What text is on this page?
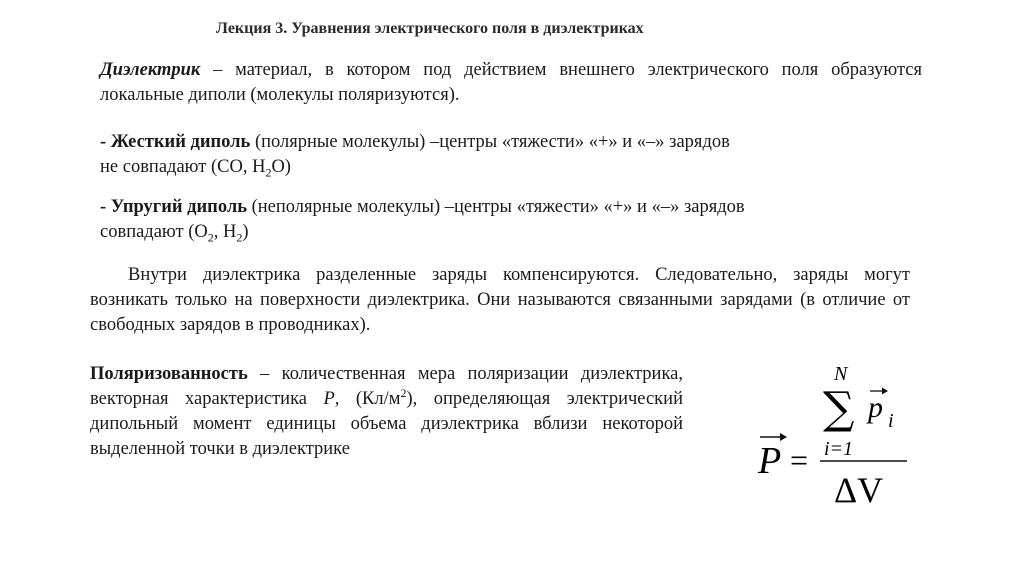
Лекция 3. Уравнения электрического поля в диэлектриках

Диэлектрик – материал, в котором под действием внешнего электрического поля образуются локальные диполи (молекулы поляризуются).

- Жесткий диполь (полярные молекулы) –центры «тяжести» «+» и «–» зарядов
не совпадают (CO, $H_2O$)

- Упругий диполь (неполярные молекулы) –центры «тяжести» «+» и «–» зарядов
совпадают ($O_2$, $H_2$)

Внутри диэлектрика разделенные заряды компенсируются. Следовательно, заряды могут возникать только на поверхности диэлектрика. Они называются связанными зарядами (в отличие от свободных зарядов в проводниках).

Поляризованность – количественная мера поляризации диэлектрика, векторная характеристика P, $(Кл/м^2)$, определяющая электрический дипольный момент единицы объема диэлектрика вблизи некоторой выделенной точки в диэлектрике	P =
N
∑
i=1
p i
ΔV
